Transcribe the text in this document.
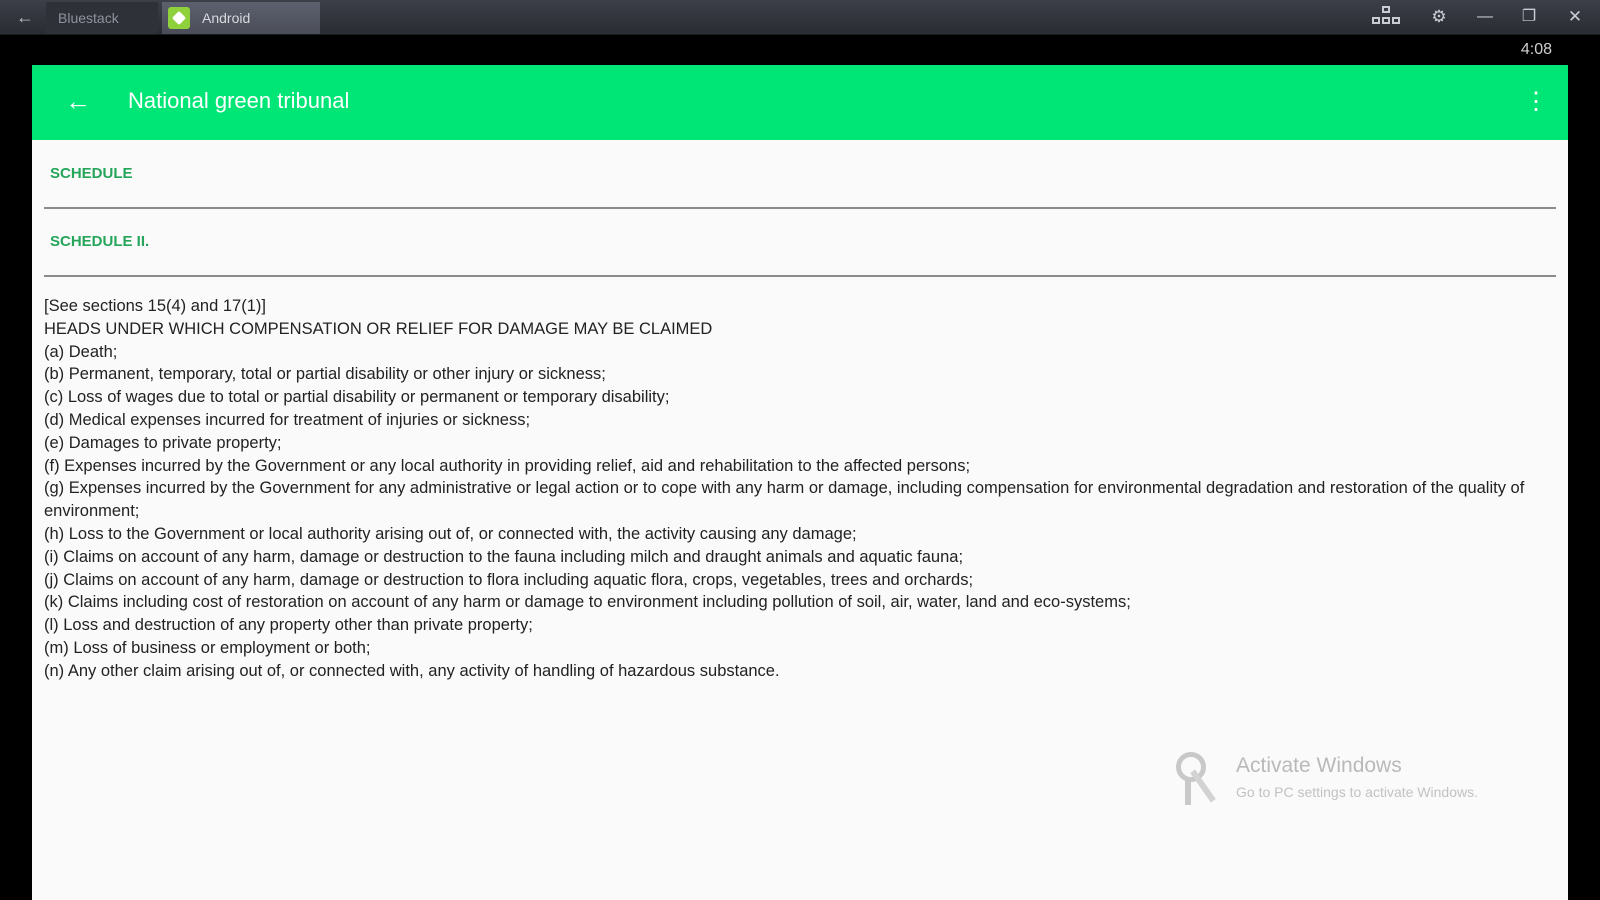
←	Bluestack	Android	⚙	—	❐	✕
4:08
← National green tribunal	⋮
SCHEDULE
SCHEDULE II.
[See sections 15(4) and 17(1)]
HEADS UNDER WHICH COMPENSATION OR RELIEF FOR DAMAGE MAY BE CLAIMED
(a) Death;
(b) Permanent, temporary, total or partial disability or other injury or sickness;
(c) Loss of wages due to total or partial disability or permanent or temporary disability;
(d) Medical expenses incurred for treatment of injuries or sickness;
(e) Damages to private property;
(f) Expenses incurred by the Government or any local authority in providing relief, aid and rehabilitation to the affected persons;
(g) Expenses incurred by the Government for any administrative or legal action or to cope with any harm or damage, including compensation for environmental degradation and restoration of the quality of environment;
(h) Loss to the Government or local authority arising out of, or connected with, the activity causing any damage;
(i) Claims on account of any harm, damage or destruction to the fauna including milch and draught animals and aquatic fauna;
(j) Claims on account of any harm, damage or destruction to flora including aquatic flora, crops, vegetables, trees and orchards;
(k) Claims including cost of restoration on account of any harm or damage to environment including pollution of soil, air, water, land and eco-systems;
(l) Loss and destruction of any property other than private property;
(m) Loss of business or employment or both;
(n) Any other claim arising out of, or connected with, any activity of handling of hazardous substance.
Activate Windows
Go to PC settings to activate Windows.
